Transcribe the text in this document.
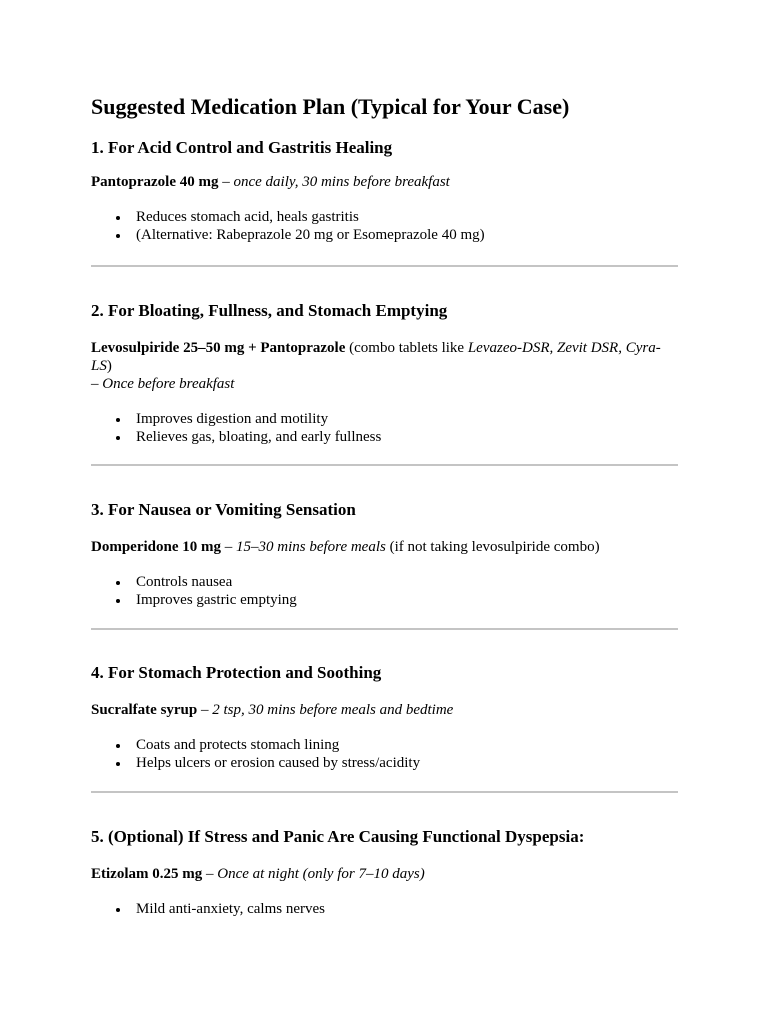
Suggested Medication Plan (Typical for Your Case)
1. For Acid Control and Gastritis Healing

Pantoprazole 40 mg – once daily, 30 mins before breakfast

Reduces stomach acid, heals gastritis
(Alternative: Rabeprazole 20 mg or Esomeprazole 40 mg)
2. For Bloating, Fullness, and Stomach Emptying

Levosulpiride 25–50 mg + Pantoprazole (combo tablets like Levazeo-DSR, Zevit DSR, Cyra-LS)
– Once before breakfast

Improves digestion and motility
Relieves gas, bloating, and early fullness
3. For Nausea or Vomiting Sensation

Domperidone 10 mg – 15–30 mins before meals (if not taking levosulpiride combo)

Controls nausea
Improves gastric emptying
4. For Stomach Protection and Soothing

Sucralfate syrup – 2 tsp, 30 mins before meals and bedtime

Coats and protects stomach lining
Helps ulcers or erosion caused by stress/acidity
5. (Optional) If Stress and Panic Are Causing Functional Dyspepsia:

Etizolam 0.25 mg – Once at night (only for 7–10 days)

Mild anti-anxiety, calms nerves
